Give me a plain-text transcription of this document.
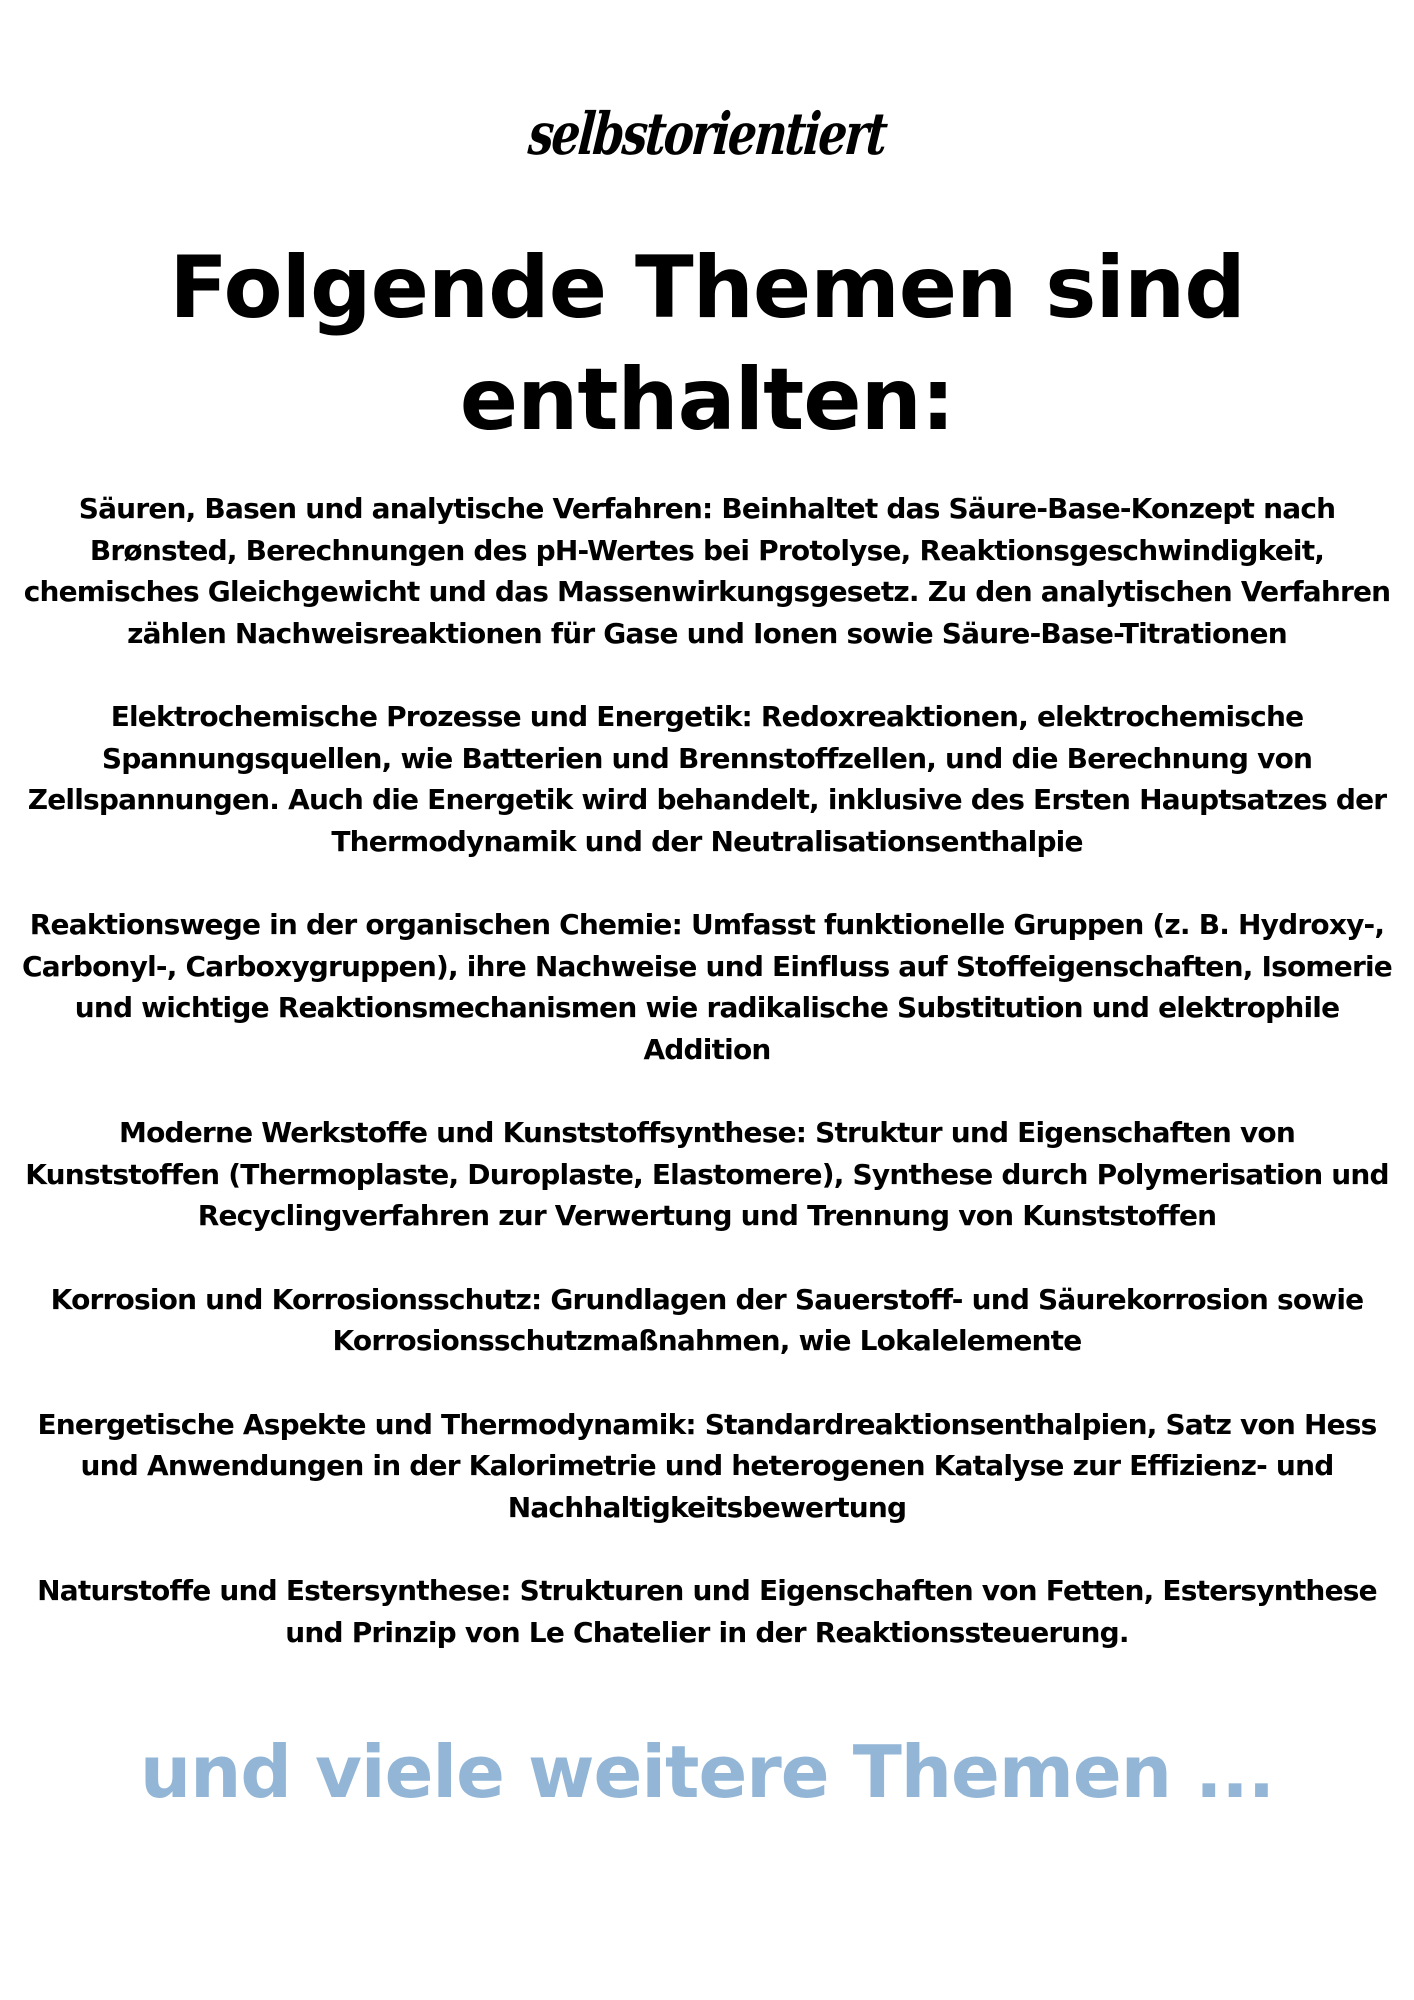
selbstorientiert
Folgende Themen sind enthalten:

Säuren, Basen und analytische Verfahren: Beinhaltet das Säure-Base-Konzept nach Brønsted, Berechnungen des pH-Wertes bei Protolyse, Reaktionsgeschwindigkeit, chemisches Gleichgewicht und das Massenwirkungsgesetz. Zu den analytischen Verfahren zählen Nachweisreaktionen für Gase und Ionen sowie Säure-Base-Titrationen

Elektrochemische Prozesse und Energetik: Redoxreaktionen, elektrochemische Spannungsquellen, wie Batterien und Brennstoffzellen, und die Berechnung von Zellspannungen. Auch die Energetik wird behandelt, inklusive des Ersten Hauptsatzes der Thermodynamik und der Neutralisationsenthalpie

Reaktionswege in der organischen Chemie: Umfasst funktionelle Gruppen (z. B. Hydroxy-, Carbonyl-, Carboxygruppen), ihre Nachweise und Einfluss auf Stoffeigenschaften, Isomerie und wichtige Reaktionsmechanismen wie radikalische Substitution und elektrophile Addition

Moderne Werkstoffe und Kunststoffsynthese: Struktur und Eigenschaften von Kunststoffen (Thermoplaste, Duroplaste, Elastomere), Synthese durch Polymerisation und Recyclingverfahren zur Verwertung und Trennung von Kunststoffen

Korrosion und Korrosionsschutz: Grundlagen der Sauerstoff- und Säurekorrosion sowie Korrosionsschutzmaßnahmen, wie Lokalelemente

Energetische Aspekte und Thermodynamik: Standardreaktionsenthalpien, Satz von Hess und Anwendungen in der Kalorimetrie und heterogenen Katalyse zur Effizienz- und Nachhaltigkeitsbewertung

Naturstoffe und Estersynthese: Strukturen und Eigenschaften von Fetten, Estersynthese und Prinzip von Le Chatelier in der Reaktionssteuerung.

und viele weitere Themen ...
